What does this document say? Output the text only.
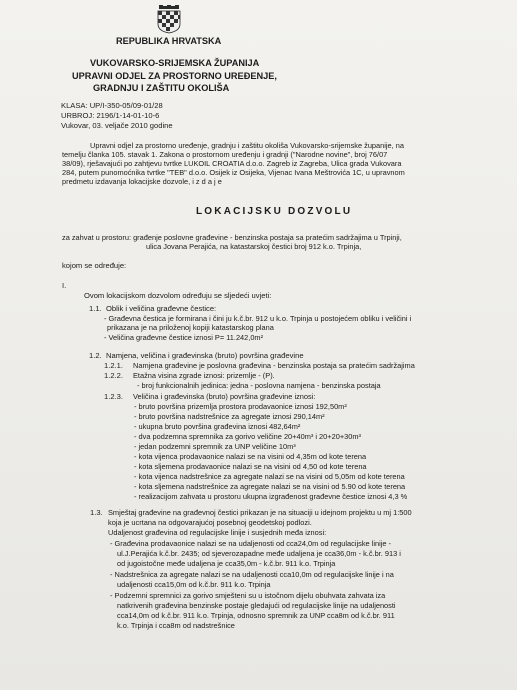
REPUBLIKA HRVATSKA
VUKOVARSKO-SRIJEMSKA ŽUPANIJA
UPRAVNI ODJEL ZA PROSTORNO UREĐENJE,
GRADNJU I ZAŠTITU OKOLIŠA
KLASA: UP/I-350-05/09-01/28
URBROJ: 2196/1-14-01-10-6
Vukovar, 03. veljače 2010 godine
Upravni odjel za prostorno uređenje, gradnju i zaštitu okoliša Vukovarsko-srijemske županije, na
temelju članka 105. stavak 1. Zakona o prostornom uređenju i gradnji ("Narodne novine", broj 76/07
38/09), rješavajući po zahtjevu tvrtke LUKOIL CROATIA d.o.o. Zagreb iz Zagreba, Ulica grada Vukovara
284, putem punomoćnika tvrtke "TEB" d.o.o. Osijek iz Osijeka, Vijenac Ivana Meštrovića 1C, u upravnom
predmetu izdavanja lokacijske dozvole, i z d a j e
LOKACIJSKU DOZVOLU
za zahvat u prostoru: građenje poslovne građevine - benzinska postaja sa pratećim sadržajima u Trpinji,
ulica Jovana Perajića, na katastarskoj čestici broj 912 k.o. Trpinja,
kojom se određuje:
I.
Ovom lokacijskom dozvolom određuju se sljedeći uvjeti:
1.1. Oblik i veličina građevne čestice:
- Građevna čestica je formirana i čini ju k.č.br. 912 u k.o. Trpinja u postojećem obliku i veličini i
prikazana je na priloženoj kopiji katastarskog plana
- Veličina građevne čestice iznosi P= 11.242,0m²
1.2. Namjena, veličina i građevinska (bruto) površina građevine
1.2.1. Namjena građevine je poslovna građevina - benzinska postaja sa pratećim sadržajima
1.2.2. Etažna visina zgrade iznosi: prizemlje - (P).
- broj funkcionalnih jedinica: jedna - poslovna namjena - benzinska postaja
1.2.3. Veličina i građevinska (bruto) površina građevine iznosi:
- bruto površina prizemlja prostora prodavaonice iznosi 192,50m²
- bruto površina nadstrešnice za agregate iznosi 290,14m²
- ukupna bruto površina građevina iznosi 482,64m²
- dva podzemna spremnika za gorivo veličine 20+40m³ i 20+20+30m³
- jedan podzemni spremnik za UNP veličine 10m³
- kota vijenca prodavaonice nalazi se na visini od 4,35m od kote terena
- kota sljemena prodavaonice nalazi se na visini od 4,50 od kote terena
- kota vijenca nadstrešnice za agregate nalazi se na visini od 5,05m od kote terena
- kota sljemena nadstrešnice za agregate nalazi se na visini od 5.90 od kote terena
- realizacijom zahvata u prostoru ukupna izgrađenost građevne čestice iznosi 4,3 %
1.3. Smještaj građevine na građevnoj čestici prikazan je na situaciji u idejnom projektu u mj 1:500
koja je ucrtana na odgovarajućoj posebnoj geodetskoj podlozi.
Udaljenost građevina od regulacijske linije i susjednih međa iznosi:
- Građevina prodavaonice nalazi se na udaljenosti od cca24,0m od regulacijske linije -
ul.J.Perajića k.č.br. 2435; od sjeverozapadne međe udaljena je cca36,0m - k.č.br. 913 i
od jugoistočne međe udaljena je cca35,0m - k.č.br. 911 k.o. Trpinja
- Nadstrešnica za agregate nalazi se na udaljenosti cca10,0m od regulacijske linije i na
udaljenosti cca15,0m od k.č.br. 911 k.o. Trpinja
- Podzemni spremnici za gorivo smješteni su u istočnom dijelu obuhvata zahvata iza
natkrivenih građevina benzinske postaje gledajući od regulacijske linije na udaljenosti
cca14,0m od k.č.br. 911 k.o. Trpinja, odnosno spremnik za UNP cca8m od k.č.br. 911
k.o. Trpinja i cca8m od nadstrešnice
